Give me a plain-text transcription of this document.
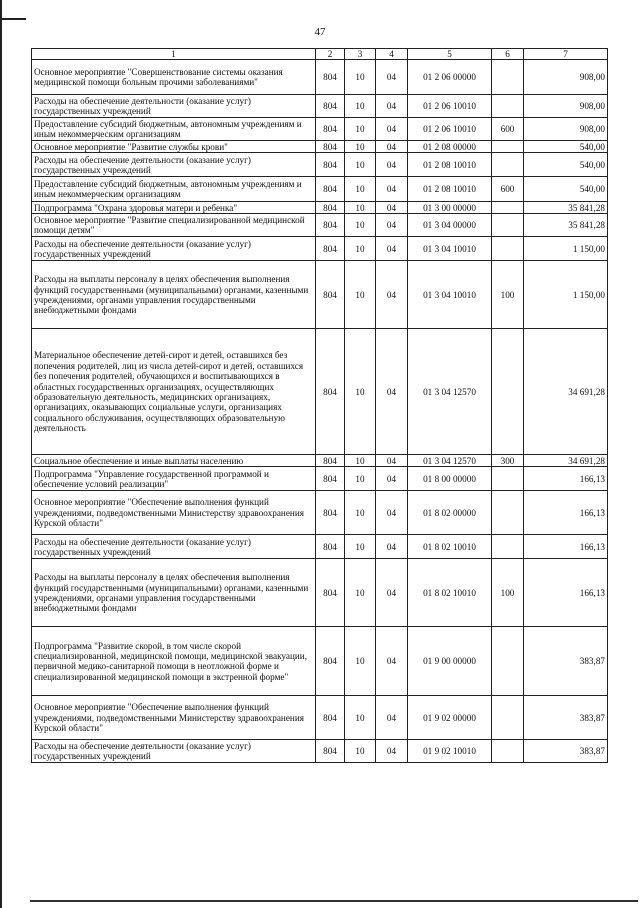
47
1	2	3	4	5	6	7
Основное мероприятие "Совершенствование системы оказания медицинской помощи больным прочими заболеваниями"	804	10	04	01 2 06 00000		908,00
Расходы на обеспечение деятельности (оказание услуг) государственных учреждений	804	10	04	01 2 06 10010		908,00
Предоставление субсидий бюджетным, автономным учреждениям и иным некоммерческим организациям	804	10	04	01 2 06 10010	600	908,00
Основное мероприятие "Развитие службы крови"	804	10	04	01 2 08 00000		540,00
Расходы на обеспечение деятельности (оказание услуг) государственных учреждений	804	10	04	01 2 08 10010		540,00
Предоставление субсидий бюджетным, автономным учреждениям и иным некоммерческим организациям	804	10	04	01 2 08 10010	600	540,00
Подпрограмма "Охрана здоровья матери и ребенка"	804	10	04	01 3 00 00000		35 841,28
Основное мероприятие "Развитие специализированной медицинской помощи детям"	804	10	04	01 3 04 00000		35 841,28
Расходы на обеспечение деятельности (оказание услуг) государственных учреждений	804	10	04	01 3 04 10010		1 150,00
Расходы на выплаты персоналу в целях обеспечения выполнения функций государственными (муниципальными) органами, казенными учреждениями, органами управления государственными внебюджетными фондами	804	10	04	01 3 04 10010	100	1 150,00
Материальное обеспечение детей-сирот и детей, оставшихся без попечения родителей, лиц из числа детей-сирот и детей, оставшихся без попечения родителей, обучающихся и воспитывающихся в областных государственных организациях, осуществляющих образовательную деятельность, медицинских организациях, организациях, оказывающих социальные услуги, организациях социального обслуживания, осуществляющих образовательную деятельность	804	10	04	01 3 04 12570		34 691,28
Социальное обеспечение и иные выплаты населению	804	10	04	01 3 04 12570	300	34 691,28
Подпрограмма "Управление государственной программой и обеспечение условий реализации"	804	10	04	01 8 00 00000		166,13
Основное мероприятие "Обеспечение выполнения функций учреждениями, подведомственными Министерству здравоохранения Курской области"	804	10	04	01 8 02 00000		166,13
Расходы на обеспечение деятельности (оказание услуг) государственных учреждений	804	10	04	01 8 02 10010		166,13
Расходы на выплаты персоналу в целях обеспечения выполнения функций государственными (муниципальными) органами, казенными учреждениями, органами управления государственными внебюджетными фондами	804	10	04	01 8 02 10010	100	166,13
Подпрограмма "Развитие скорой, в том числе скорой специализированной, медицинской помощи, медицинской эвакуации, первичной медико-санитарной помощи в неотложной форме и специализированной медицинской помощи в экстренной форме"	804	10	04	01 9 00 00000		383,87
Основное мероприятие "Обеспечение выполнения функций учреждениями, подведомственными Министерству здравоохранения Курской области"	804	10	04	01 9 02 00000		383,87
Расходы на обеспечение деятельности (оказание услуг) государственных учреждений	804	10	04	01 9 02 10010		383,87
